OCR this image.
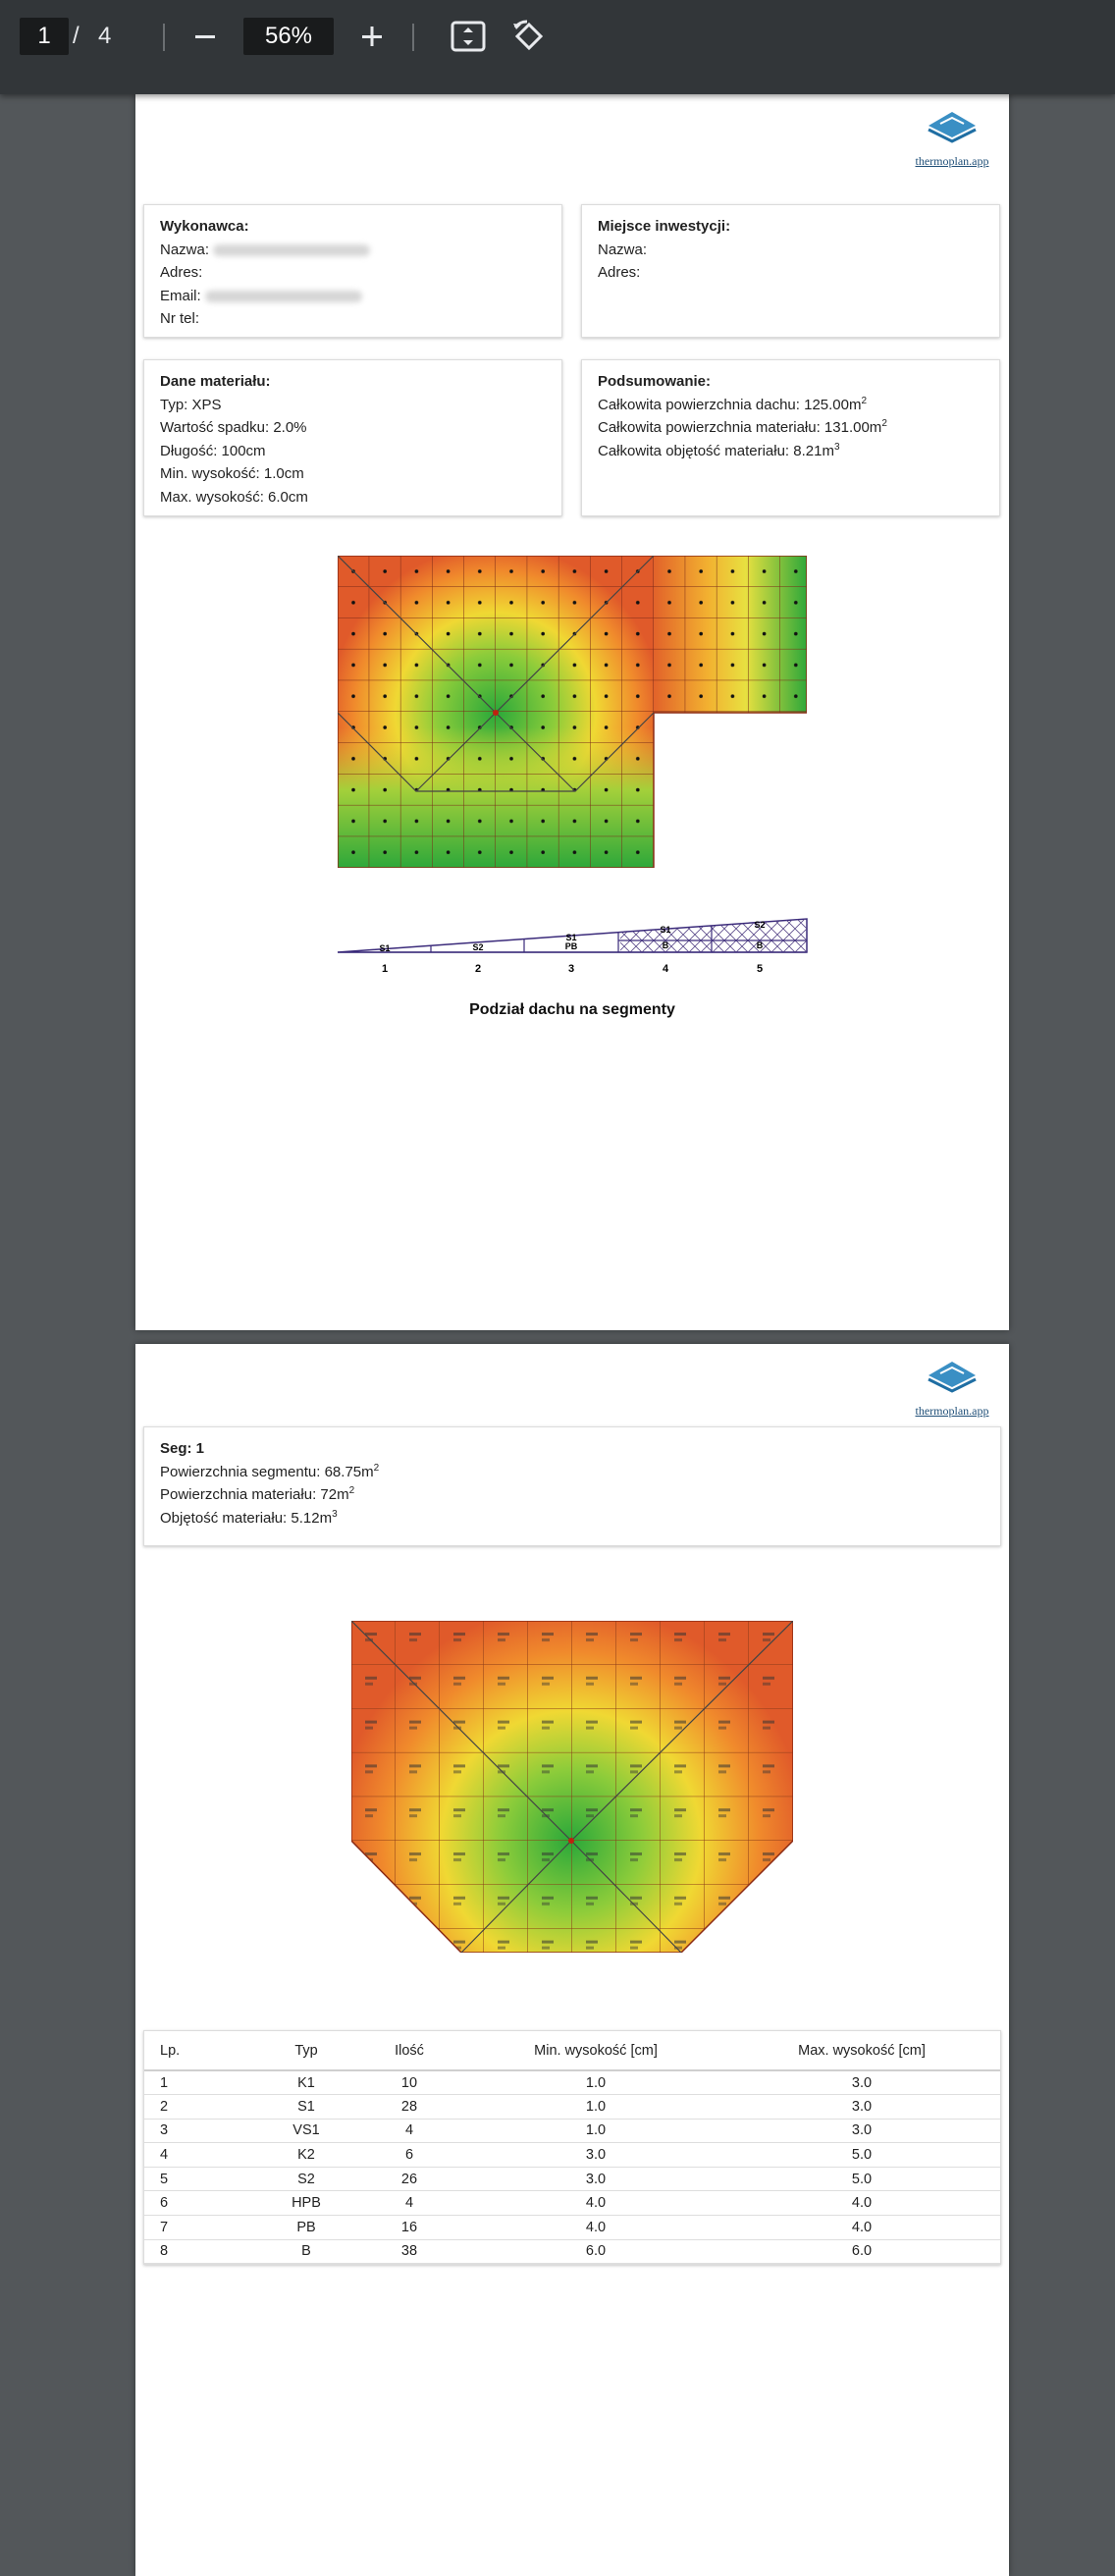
1 / 4	56%
thermoplan.app
Wykonawca:
Nazwa:
Adres:
Email:
Nr tel:
Miejsce inwestycji:
Nazwa:
Adres:
Dane materiału:
Typ: XPS
Wartość spadku: 2.0%
Długość: 100cm
Min. wysokość: 1.0cm
Max. wysokość: 6.0cm
Podsumowanie:
Całkowita powierzchnia dachu: $125.00m^2$
Całkowita powierzchnia materiału: $131.00m^2$
Całkowita objętość materiału: $8.21m^3$
S1	S2
S1
PB
S1
B
S2
B
1	2	3	4	5
Podział dachu na segmenty
thermoplan.app
Seg: 1
Powierzchnia segmentu: $68.75m^2$
Powierzchnia materiału: $72m^2$
Objętość materiału: $5.12m^3$
Lp.	Typ	Ilość	Min. wysokość [cm]	Max. wysokość [cm]
1	K1	10	1.0	3.0
2	S1	28	1.0	3.0
3	VS1	4	1.0	3.0
4	K2	6	3.0	5.0
5	S2	26	3.0	5.0
6	HPB	4	4.0	4.0
7	PB	16	4.0	4.0
8	B	38	6.0	6.0
